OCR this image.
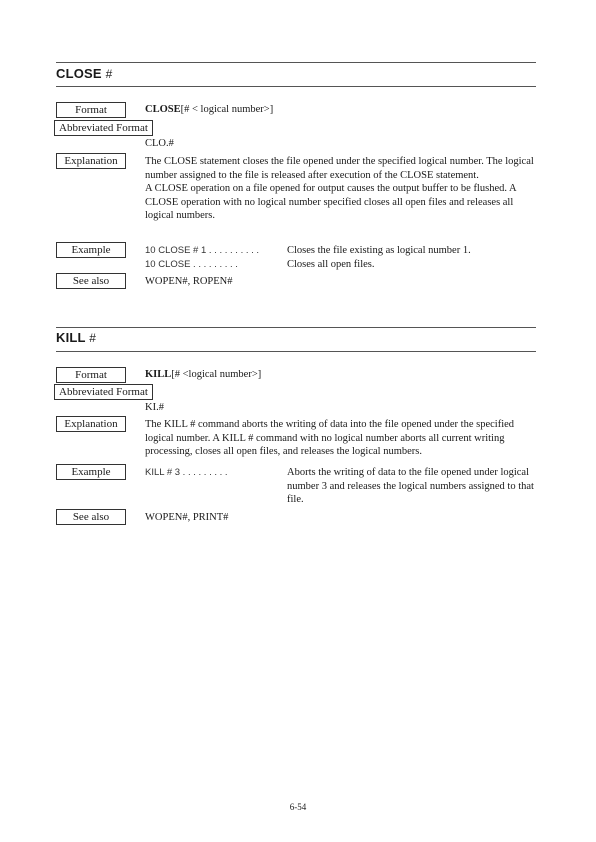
CLOSE #
Format	CLOSE[# < logical number>]
Abbreviated Format
CLO.#
Explanation	The CLOSE statement closes the file opened under the specified logical number. The logical number assigned to the file is released after execution of the CLOSE statement.

A CLOSE operation on a file opened for output causes the output buffer to be flushed. A CLOSE operation with no logical number specified closes all open files and releases all logical numbers.

Example	10 CLOSE # 1 . . . . . . . . . .	Closes the file existing as logical number 1.
10 CLOSE . . . . . . . . .	Closes all open files.
See also	WOPEN#, ROPEN#
KILL #
Format	KILL[# <logical number>]
Abbreviated Format
KI.#
Explanation	The KILL # command aborts the writing of data into the file opened under the specified logical number. A KILL # command with no logical number aborts all current writing processing, closes all open files, and releases the logical numbers.

Example	KILL # 3 . . . . . . . . .	Aborts the writing of data to the file opened under logical number 3 and releases the logical numbers assigned to that file.
See also	WOPEN#, PRINT#
6-54
